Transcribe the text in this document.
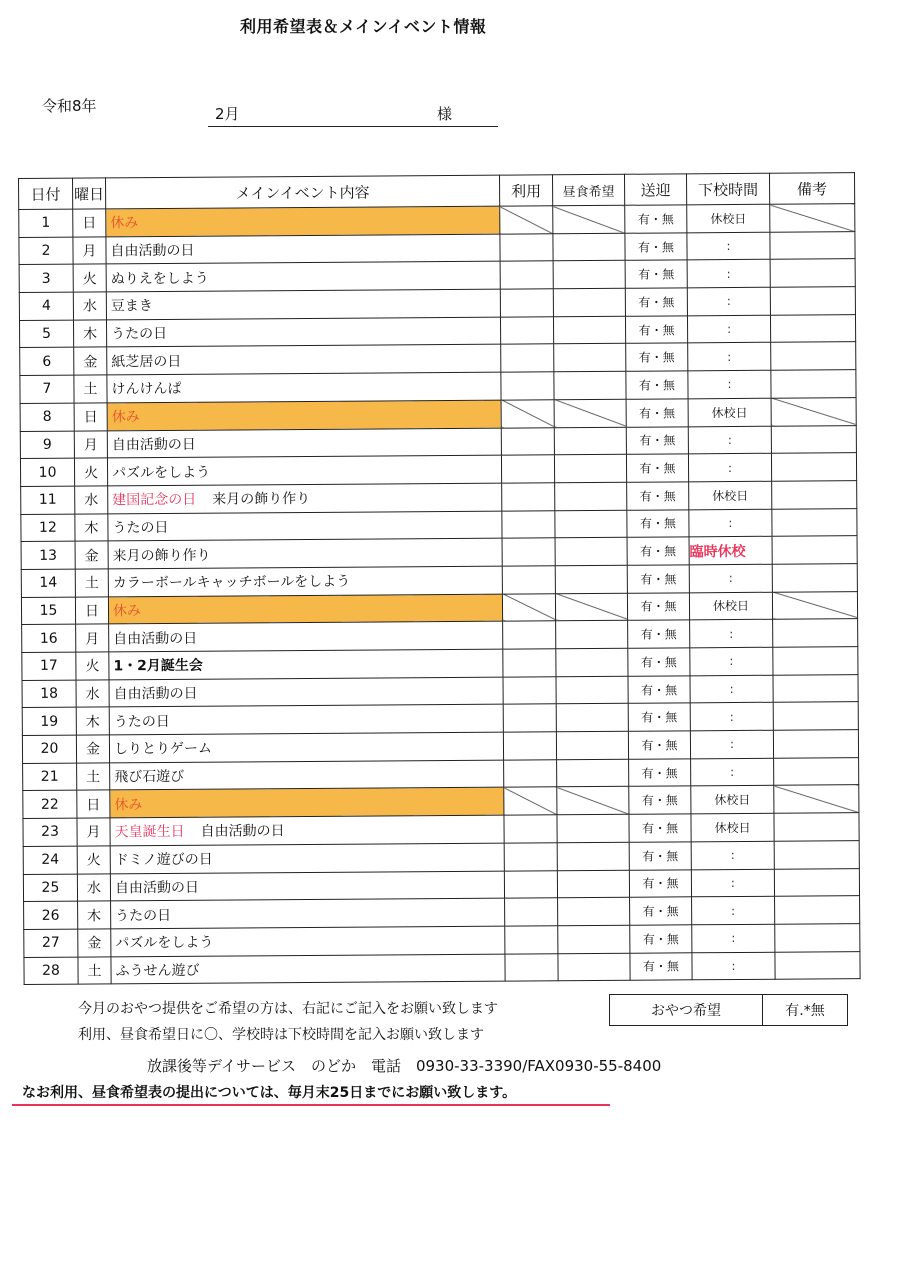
利用希望表＆メインイベント情報
令和8年	2月	様
日付	曜日	メインイベント内容	利用	昼食希望	送迎	下校時間	備考
1	日	休み			有・無	休校日	
2	月	自由活動の日			有・無	:	
3	火	ぬりえをしよう			有・無	:	
4	水	豆まき			有・無	:	
5	木	うたの日			有・無	:	
6	金	紙芝居の日			有・無	:	
7	土	けんけんぱ			有・無	:	
8	日	休み			有・無	休校日	
9	月	自由活動の日			有・無	:	
10	火	パズルをしよう			有・無	:	
11	水	建国記念の日 来月の飾り作り			有・無	休校日	
12	木	うたの日			有・無	:	
13	金	来月の飾り作り			有・無	臨時休校	
14	土	カラーボールキャッチボールをしよう			有・無	:	
15	日	休み			有・無	休校日	
16	月	自由活動の日			有・無	:	
17	火	1・2月誕生会			有・無	:	
18	水	自由活動の日			有・無	:	
19	木	うたの日			有・無	:	
20	金	しりとりゲーム			有・無	:	
21	土	飛び石遊び			有・無	:	
22	日	休み			有・無	休校日	
23	月	天皇誕生日 自由活動の日			有・無	休校日	
24	火	ドミノ遊びの日			有・無	:	
25	水	自由活動の日			有・無	:	
26	木	うたの日			有・無	:	
27	金	パズルをしよう			有・無	:	
28	土	ふうせん遊び			有・無	:	
今月のおやつ提供をご希望の方は、右記にご記入をお願い致します
利用、昼食希望日に〇、学校時は下校時間を記入お願い致します
放課後等デイサービス　のどか　電話　0930-33-3390/FAX0930-55-8400
なお利用、昼食希望表の提出については、毎月末25日までにお願い致します。
おやつ希望	有.*無
